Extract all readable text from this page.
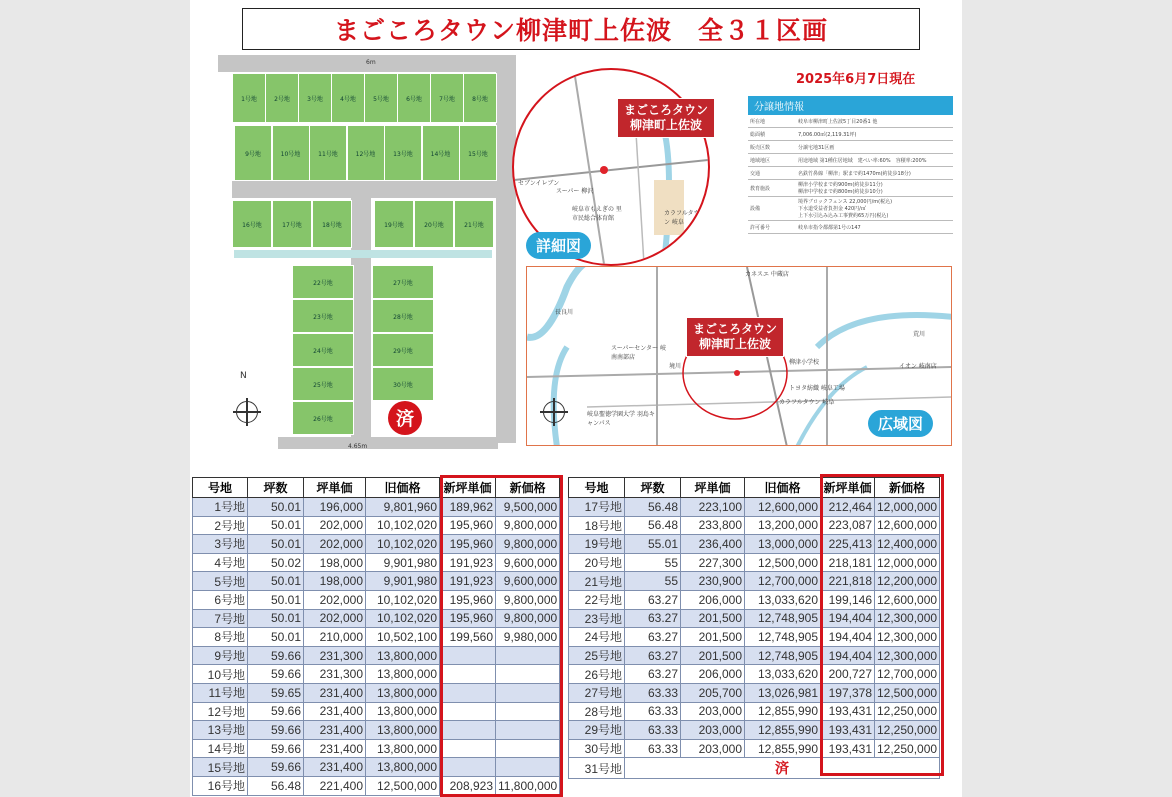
まごころタウン柳津町上佐波　全３１区画
2025年6月7日現在
6m
4.65m
1号地	2号地	3号地	4号地	5号地	6号地	7号地	8号地
9号地	10号地	11号地	12号地	13号地	14号地	15号地
16号地	17号地	18号地	19号地	20号地	21号地
22号地
23号地
24号地
25号地
26号地
27号地
28号地
29号地
30号地
済
N
セブンイレブン
スーパー 柳沢
岐阜市もえぎの 里市民総合体育館
カラフルタウン 岐阜
境川
まごころタウン
柳津町上佐波
詳細図
分譲地情報
所在地	岐阜市柳津町上佐波5丁目20番1 他
総面積	7,006.00㎡(2,119.31坪)
販売区数	分譲宅地31区画
地域地区	用途地域 第1種住居地域　建ぺい率:60%　容積率:200%
交通	名鉄竹鼻線「柳津」駅まで約1470m(約徒歩18分)
教育施設	柳津小学校まで約900m(約徒歩11分)
柳津中学校まで約800m(約徒歩10分)
設備	境界ブロックフェンス 22,000円/m(税込)
下水道受益者負担金 420円/㎡
上下水引込み込み工事費約65万円(税込)
許可番号	岐阜市指令都都第1号の147
カネスエ 中蔵店
長良川
スーパーセンター 岐南南部店
境川
柳津小学校
トヨタ紡織 岐阜工場
カラフルタウン 岐阜
イオン 岐南店
岐阜聖徳学園大学 羽島キャンパス
荒川
まごころタウン
柳津町上佐波
広域図
号地	坪数	坪単価	旧価格	新坪単価	新価格
1号地	50.01	196,000	9,801,960	189,962	9,500,000
2号地	50.01	202,000	10,102,020	195,960	9,800,000
3号地	50.01	202,000	10,102,020	195,960	9,800,000
4号地	50.02	198,000	9,901,980	191,923	9,600,000
5号地	50.01	198,000	9,901,980	191,923	9,600,000
6号地	50.01	202,000	10,102,020	195,960	9,800,000
7号地	50.01	202,000	10,102,020	195,960	9,800,000
8号地	50.01	210,000	10,502,100	199,560	9,980,000
9号地	59.66	231,300	13,800,000		
10号地	59.66	231,300	13,800,000		
11号地	59.65	231,400	13,800,000		
12号地	59.66	231,400	13,800,000		
13号地	59.66	231,400	13,800,000		
14号地	59.66	231,400	13,800,000		
15号地	59.66	231,400	13,800,000		
16号地	56.48	221,400	12,500,000	208,923	11,800,000
号地	坪数	坪単価	旧価格	新坪単価	新価格
17号地	56.48	223,100	12,600,000	212,464	12,000,000
18号地	56.48	233,800	13,200,000	223,087	12,600,000
19号地	55.01	236,400	13,000,000	225,413	12,400,000
20号地	55	227,300	12,500,000	218,181	12,000,000
21号地	55	230,900	12,700,000	221,818	12,200,000
22号地	63.27	206,000	13,033,620	199,146	12,600,000
23号地	63.27	201,500	12,748,905	194,404	12,300,000
24号地	63.27	201,500	12,748,905	194,404	12,300,000
25号地	63.27	201,500	12,748,905	194,404	12,300,000
26号地	63.27	206,000	13,033,620	200,727	12,700,000
27号地	63.33	205,700	13,026,981	197,378	12,500,000
28号地	63.33	203,000	12,855,990	193,431	12,250,000
29号地	63.33	203,000	12,855,990	193,431	12,250,000
30号地	63.33	203,000	12,855,990	193,431	12,250,000
31号地	済				
